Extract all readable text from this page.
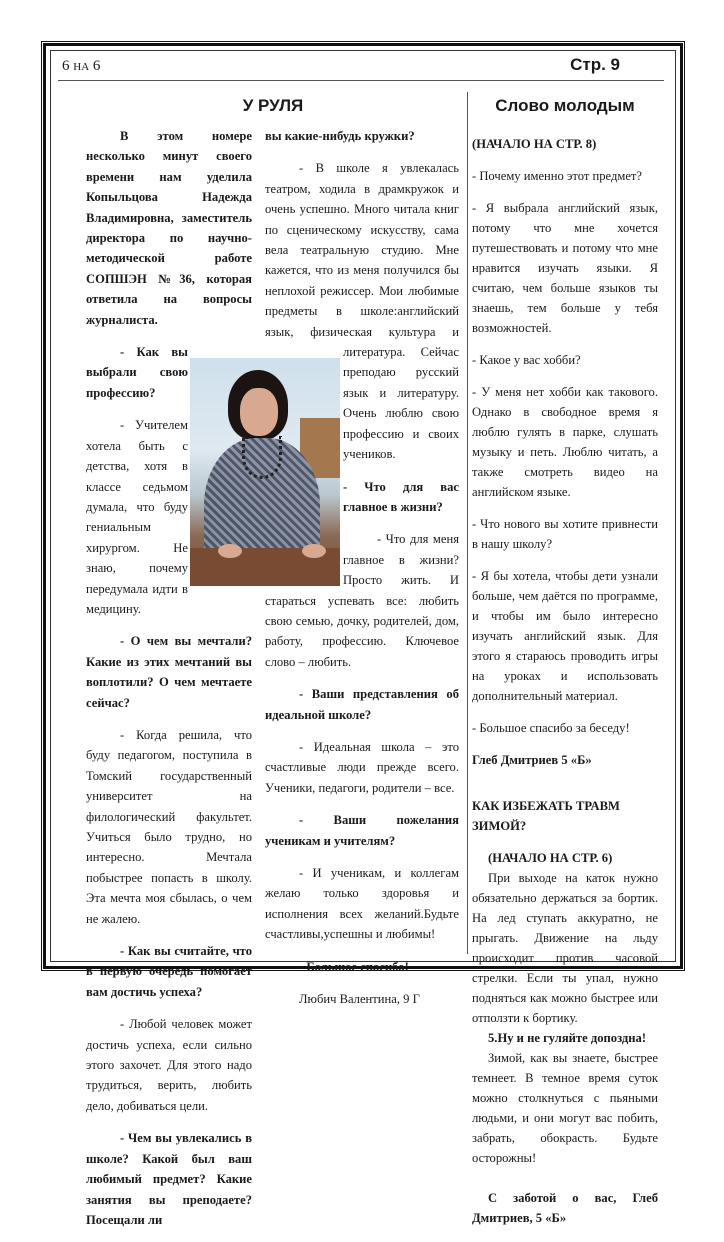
6 НА 6	Стр. 9
У РУЛЯ	Слово молодым

В этом номере несколько минут своего времени нам уделила Копыльцова Надежда Владимировна, заместитель директора по научно-методической работе СОПШЭН №36, которая ответила на вопросы журналиста.

- Как вы выбрали свою профессию?

- Учителем хотела быть с детства, хотя в классе седьмом думала, что буду гениальным хирургом. Не знаю, почему передумала идти в медицину.

- О чем вы мечтали? Какие из этих мечтаний вы воплотили? О чем мечтаете сейчас?

- Когда решила, что буду педагогом, поступила в Томский государственный университет на филологический факультет. Учиться было трудно, но интересно. Мечтала побыстрее попасть в школу. Эта мечта моя сбылась, о чем не жалею.

- Как вы считайте, что в первую очередь помогает вам достичь успеха?

- Любой человек может достичь успеха, если сильно этого захочет. Для этого надо трудиться, верить, любить дело, добиваться цели.

- Чем вы увлекались в школе? Какой был ваш любимый предмет? Какие занятия вы преподаете? Посещали ли

вы какие-нибудь кружки?

- В школе я увлекалась театром, ходила в драмкружок и очень успешно. Много читала книг по сценическому искусству, сама вела театральную студию. Мне кажется, что из меня получился бы неплохой режиссер. Мои любимые предметы в школе:английский язык, физическая культура и литература. Сейчас преподаю русский язык и литературу. Очень люблю свою профессию и своих учеников.

- Что для вас главное в жизни?

- Что для меня главное в жизни? Просто жить. И стараться успевать все: любить свою семью, дочку, родителей, дом, работу, профессию. Ключевое слово – любить.

- Ваши представления об идеальной школе?

- Идеальная школа – это счастливые люди прежде всего. Ученики, педагоги, родители – все.

- Ваши пожелания ученикам и учителям?

- И ученикам, и коллегам желаю только здоровья и исполнения всех желаний.Будьте счастливы,успешны и любимы!

- Большое спасибо!

Любич Валентина, 9 Г

(НАЧАЛО НА СТР. 8)

- Почему именно этот предмет?

- Я выбрала английский язык, потому что мне хочется путешествовать и потому что мне нравится изучать языки. Я считаю, чем больше языков ты знаешь, тем больше у тебя возможностей.

- Какое у вас хобби?

- У меня нет хобби как такового. Однако в свободное время я люблю гулять в парке, слушать музыку и петь. Люблю читать, а также смотреть видео на английском языке.

- Что нового вы хотите привнести в нашу школу?

- Я бы хотела, чтобы дети узнали больше, чем даётся по программе, и чтобы им было интересно изучать английский язык. Для этого я стараюсь проводить игры на уроках и использовать дополнительный материал.

- Большое спасибо за беседу!

Глеб Дмитриев 5 «Б»

КАК ИЗБЕЖАТЬ ТРАВМ ЗИМОЙ?

(НАЧАЛО НА СТР. 6)

При выходе на каток нужно обязательно держаться за бортик. На лед ступать аккуратно, не прыгать. Движение на льду происходит против часовой стрелки. Если ты упал, нужно подняться как можно быстрее или отползти к бортику.

5.Ну и не гуляйте допоздна!

Зимой, как вы знаете, быстрее темнеет. В темное время суток можно столкнуться с пьяными людьми, и они могут вас побить, забрать, обокрасть. Будьте осторожны!

С заботой о вас, Глеб Дмитриев, 5 «Б»
